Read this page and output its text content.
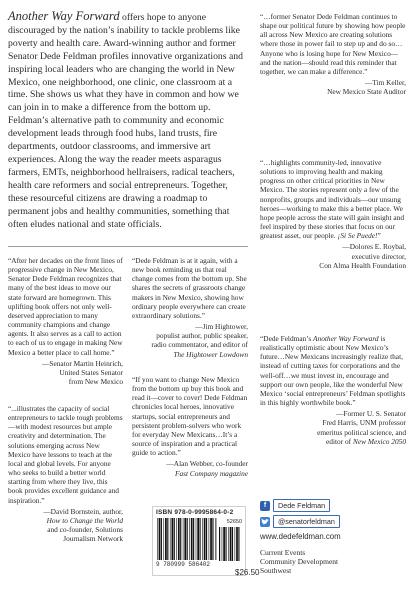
Another Way Forward offers hope to anyone discouraged by the nation’s inability to tackle problems like poverty and health care. Award-winning author and former Senator Dede Feldman profiles innovative organizations and inspiring local leaders who are changing the world in New Mexico, one neighborhood, one clinic, one classroom at a time. She shows us what they have in common and how we can join in to make a difference from the bottom up. Feldman’s alternative path to community and economic development leads through food hubs, land trusts, fire departments, outdoor classrooms, and immersive art experiences. Along the way the reader meets asparagus farmers, EMTs, neighborhood hellraisers, radical teachers, health care reformers and social entrepreneurs. Together, these resourceful citizens are drawing a roadmap to permanent jobs and healthy communities, something that often eludes national and state officials.

“After her decades on the front lines of progressive change in New Mexico, Senator Dede Feldman recognizes that many of the best ideas to move our state forward are homegrown. This uplifting book offers not only well-deserved appreciation to many community champions and change agents. It also serves as a call to action to each of us to engage in making New Mexico a better place to call home.”

—Senator Martin Heinrich,
United States Senator
from New Mexico

“...illustrates the capacity of social entrepreneurs to tackle tough problems—with modest resources but ample creativity and determination. The solutions emerging across New Mexico have lessons to teach at the local and global levels. For anyone who seeks to build a better world starting from where they live, this book provides excellent guidance and inspiration.”

—David Bornstein, author,
How to Change the World
and co-founder, Solutions
Journalism Network

“Dede Feldman is at it again, with a new book reminding us that real change comes from the bottom up. She shares the secrets of grassroots change makers in New Mexico, showing how ordinary people everywhere can create extraordinary solutions.”

—Jim Hightower,
populist author, public speaker,
radio commentator, and editor of
The Hightower Lowdown

“If you want to change New Mexico from the bottom up buy this book and read it—cover to cover! Dede Feldman chronicles local heroes, innovative startups, social entrepreneurs and persistent problem-solvers who work for everyday New Mexicans…It’s a source of inspiration and a practical guide to action.”

—Alan Webber, co-founder
Fast Company magazine
ISBN 978-0-9995864-0-2
52650
9 780999 586402
$26.50

“…former Senator Dede Feldman continues to shape our political future by showing how people all across New Mexico are creating solutions where those in power fail to step up and do so…Anyone who is losing hope for New Mexico—and the nation—should read this reminder that together, we can make a difference.”

—Tim Keller,
New Mexico State Auditor

“…highlights community-led, innovative solutions to improving health and making progress on other critical priorities in New Mexico. The stories represent only a few of the nonprofits, groups and individuals—our unsung heroes—working to make this a better place. We hope people across the state will gain insight and feel inspired by these stories that focus on our greatest asset, our people. ¡Si Se Puede!”

—Dolores E. Roybal,
executive director,
Con Alma Health Foundation

“Dede Feldman’s Another Way Forward is realistically optimistic about New Mexico’s future…New Mexicans increasingly realize that, instead of cutting taxes for corporations and the well-off…we must invest in, encourage and support our own people, like the wonderful New Mexico ‘social entrepreneurs’ Feldman spotlights in this highly worthwhile book.”

—Former U. S. Senator
Fred Harris, UNM professor
emeritus political science, and
editor of New Mexico 2050
f	Dede Feldman
@senatorfeldman
www.dedefeldman.com
Current Events
Community Development
Southwest
